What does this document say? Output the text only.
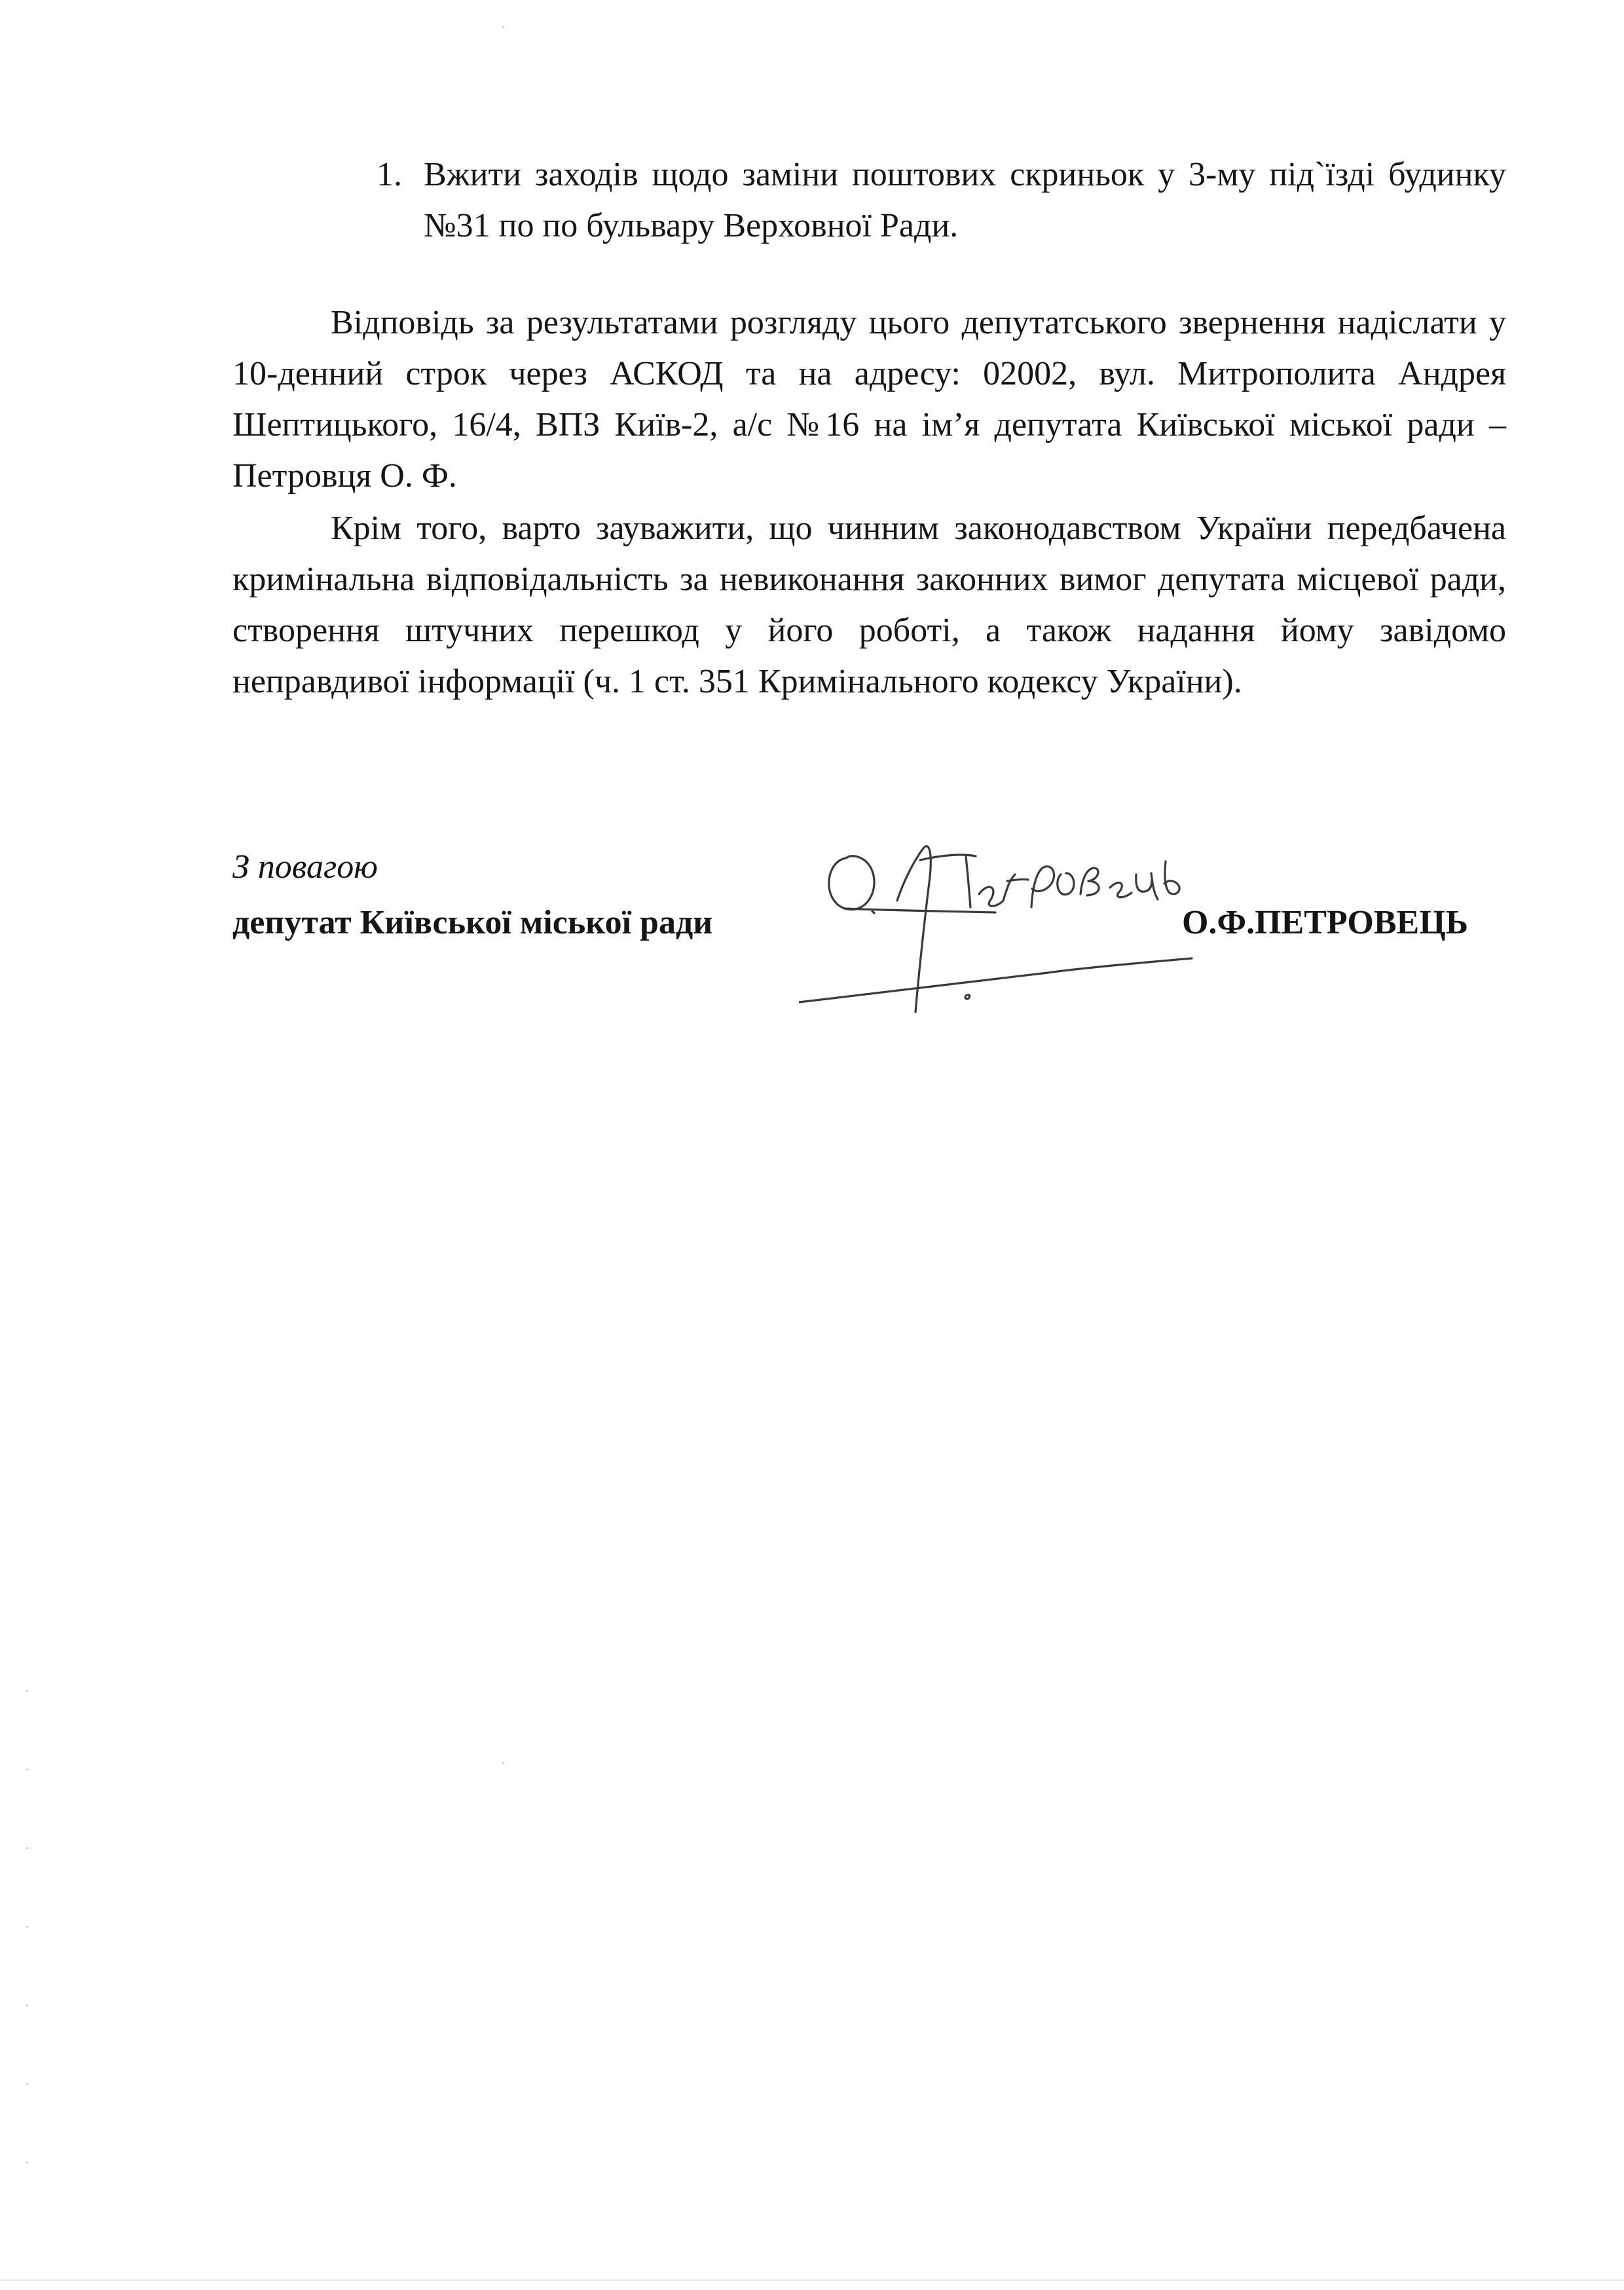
1. Вжити заходів щодо заміни поштових скриньок у 3-му під`їзді будинку №31 по по бульвару Верховної Ради.

Відповідь за результатами розгляду цього депутатського звернення надіслати у 10-денний строк через АСКОД та на адресу: 02002, вул. Митрополита Андрея Шептицького, 16/4, ВПЗ Київ-2, а/с №16 на ім’я депутата Київської міської ради – Петровця О. Ф.

Крім того, варто зауважити, що чинним законодавством України передбачена кримінальна відповідальність за невиконання законних вимог депутата місцевої ради, створення штучних перешкод у його роботі, а також надання йому завідомо неправдивої інформації (ч. 1 ст. 351 Кримінального кодексу України).

З повагою
депутат Київської міської ради	О.Ф.ПЕТРОВЕЦЬ
